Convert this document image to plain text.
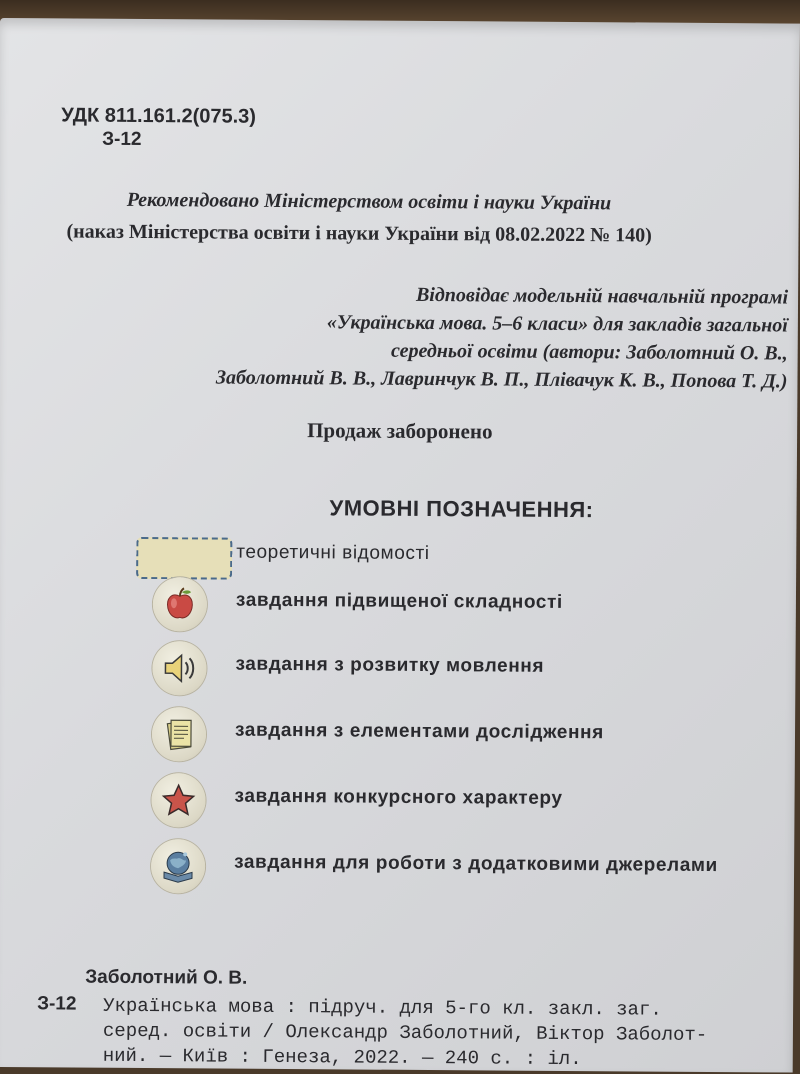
УДК 811.161.2(075.3)
З-12
Рекомендовано Міністерством освіти і науки України
(наказ Міністерства освіти і науки України від 08.02.2022 № 140)
Відповідає модельній навчальній програмі
«Українська мова. 5–6 класи» для закладів загальної
середньої освіти (автори: Заболотний О. В.,
Заболотний В. В., Лавринчук В. П., Плівачук К. В., Попова Т. Д.)
Продаж заборонено
УМОВНІ ПОЗНАЧЕННЯ:
теоретичні відомості
завдання підвищеної складності
завдання з розвитку мовлення
завдання з елементами дослідження
завдання конкурсного характеру
завдання для роботи з додатковими джерелами
Заболотний О. В.
З-12 Українська мова : підруч. для 5-го кл. закл. заг.
серед. освіти / Олександр Заболотний, Віктор Заболот-
ний. — Київ : Генеза, 2022. — 240 с. : іл.
